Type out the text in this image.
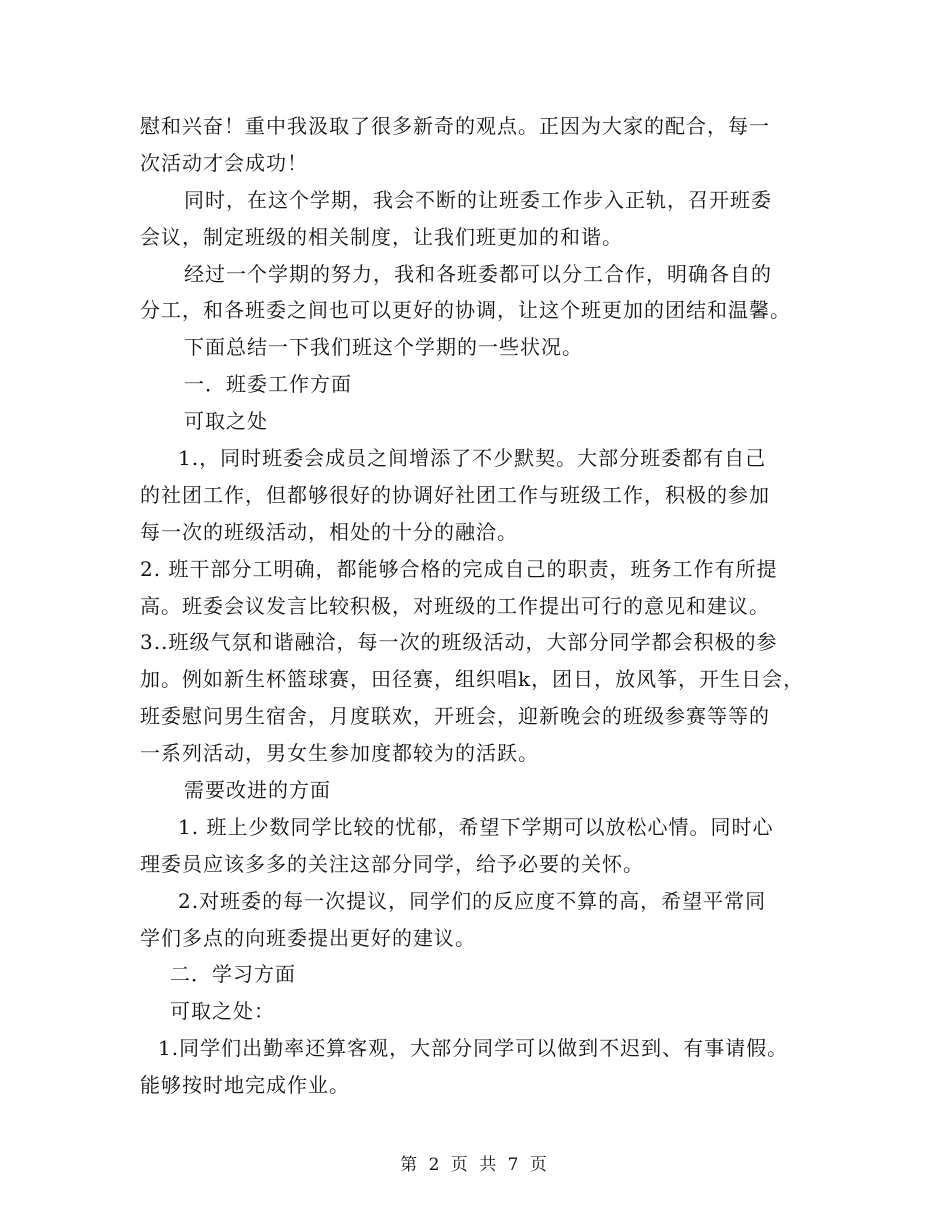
慰和兴奋！重中我汲取了很多新奇的观点。正因为大家的配合，每一

次活动才会成功！

同时，在这个学期，我会不断的让班委工作步入正轨，召开班委

会议，制定班级的相关制度，让我们班更加的和谐。

经过一个学期的努力，我和各班委都可以分工合作，明确各自的

分工，和各班委之间也可以更好的协调，让这个班更加的团结和温馨。

下面总结一下我们班这个学期的一些状况。

一．班委工作方面

可取之处

1.，同时班委会成员之间增添了不少默契。大部分班委都有自己

的社团工作，但都够很好的协调好社团工作与班级工作，积极的参加

每一次的班级活动，相处的十分的融洽。

2. 班干部分工明确，都能够合格的完成自己的职责，班务工作有所提

高。班委会议发言比较积极，对班级的工作提出可行的意见和建议。

3..班级气氛和谐融洽，每一次的班级活动，大部分同学都会积极的参

加。例如新生杯篮球赛，田径赛，组织唱k，团日，放风筝，开生日会，

班委慰问男生宿舍，月度联欢，开班会，迎新晚会的班级参赛等等的

一系列活动，男女生参加度都较为的活跃。

需要改进的方面

1. 班上少数同学比较的忧郁，希望下学期可以放松心情。同时心

理委员应该多多的关注这部分同学，给予必要的关怀。

2.对班委的每一次提议，同学们的反应度不算的高，希望平常同

学们多点的向班委提出更好的建议。

二．学习方面

可取之处：

1.同学们出勤率还算客观，大部分同学可以做到不迟到、有事请假。

能够按时地完成作业。

第 2 页 共 7 页
